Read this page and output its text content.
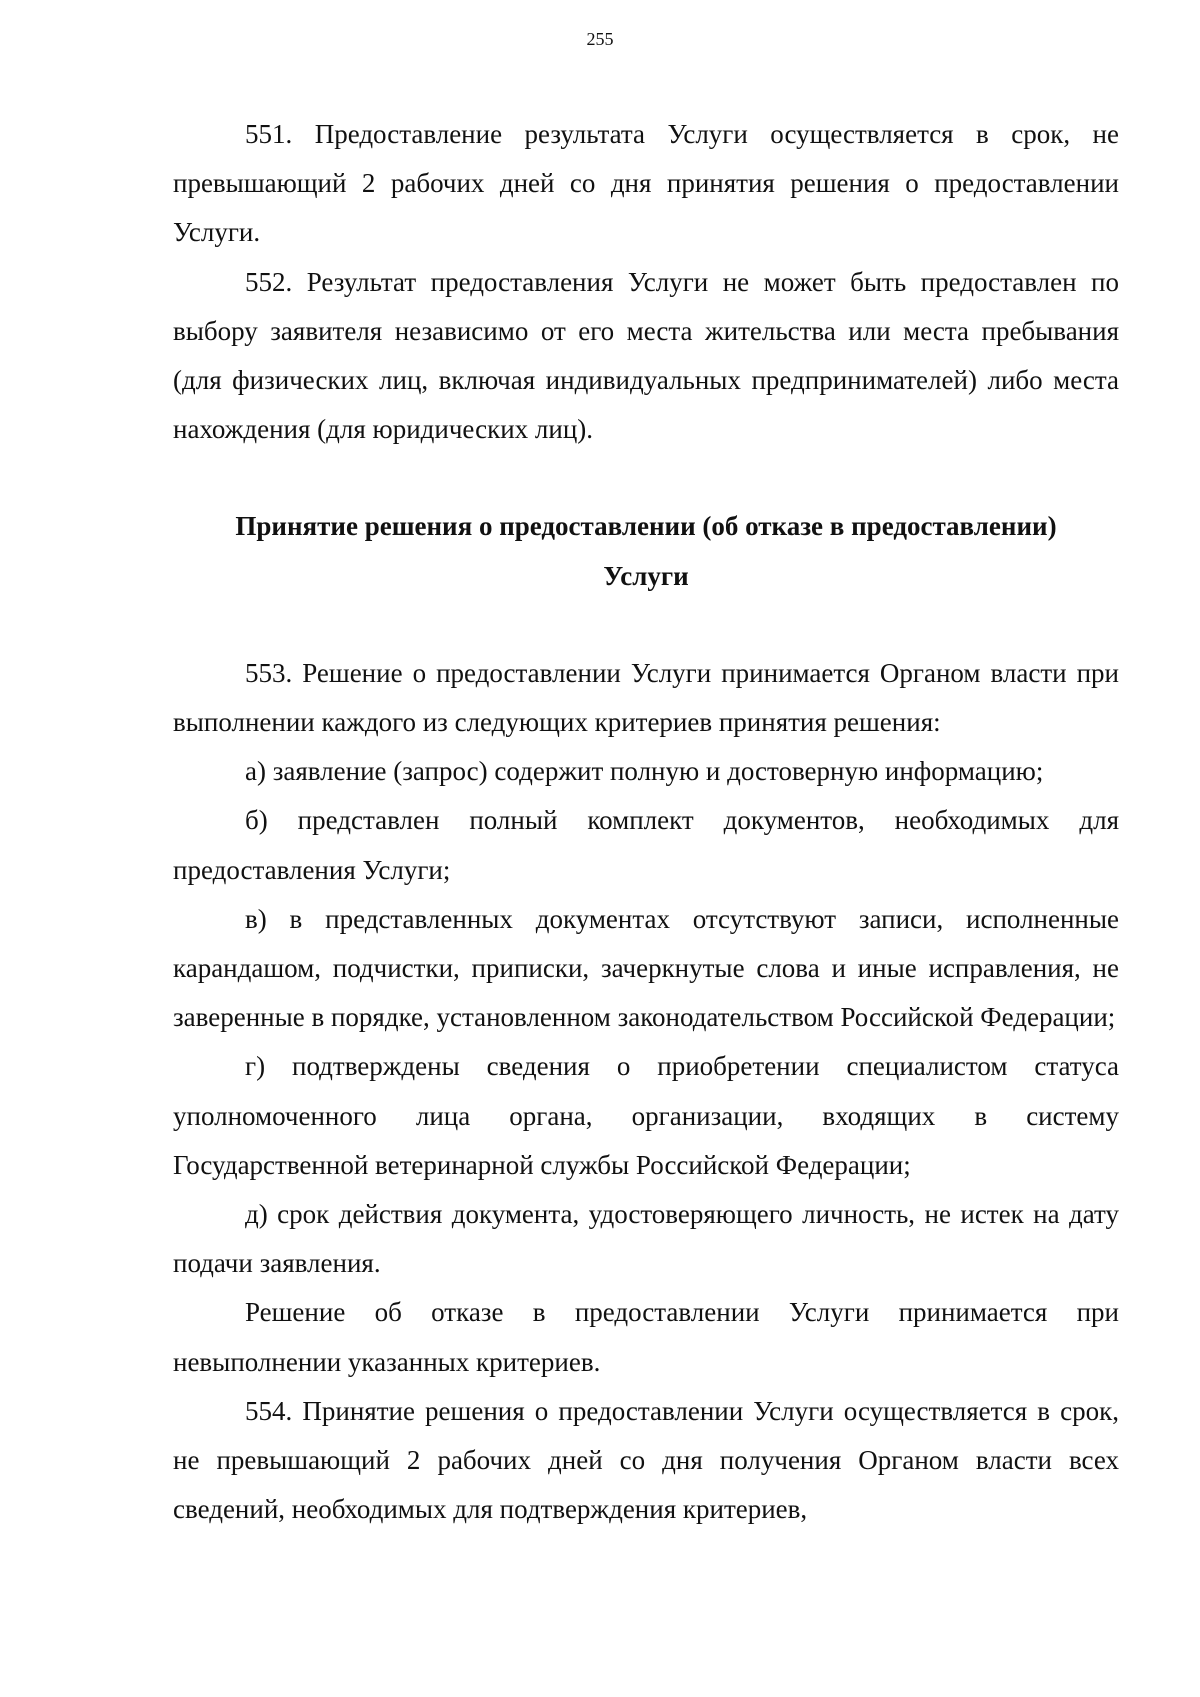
255

551. Предоставление результата Услуги осуществляется в срок, не превышающий 2 рабочих дней со дня принятия решения о предоставлении Услуги.

552. Результат предоставления Услуги не может быть предоставлен по выбору заявителя независимо от его места жительства или места пребывания (для физических лиц, включая индивидуальных предпринимателей) либо места нахождения (для юридических лиц).

Принятие решения о предоставлении (об отказе в предоставлении)
Услуги

553. Решение о предоставлении Услуги принимается Органом власти при выполнении каждого из следующих критериев принятия решения:

а) заявление (запрос) содержит полную и достоверную информацию;

б) представлен полный комплект документов, необходимых для предоставления Услуги;

в) в представленных документах отсутствуют записи, исполненные карандашом, подчистки, приписки, зачеркнутые слова и иные исправления, не заверенные в порядке, установленном законодательством Российской Федерации;

г) подтверждены сведения о приобретении специалистом статуса уполномоченного лица органа, организации, входящих в систему Государственной ветеринарной службы Российской Федерации;

д) срок действия документа, удостоверяющего личность, не истек на дату подачи заявления.

Решение об отказе в предоставлении Услуги принимается при невыполнении указанных критериев.

554. Принятие решения о предоставлении Услуги осуществляется в срок, не превышающий 2 рабочих дней со дня получения Органом власти всех сведений, необходимых для подтверждения критериев,
